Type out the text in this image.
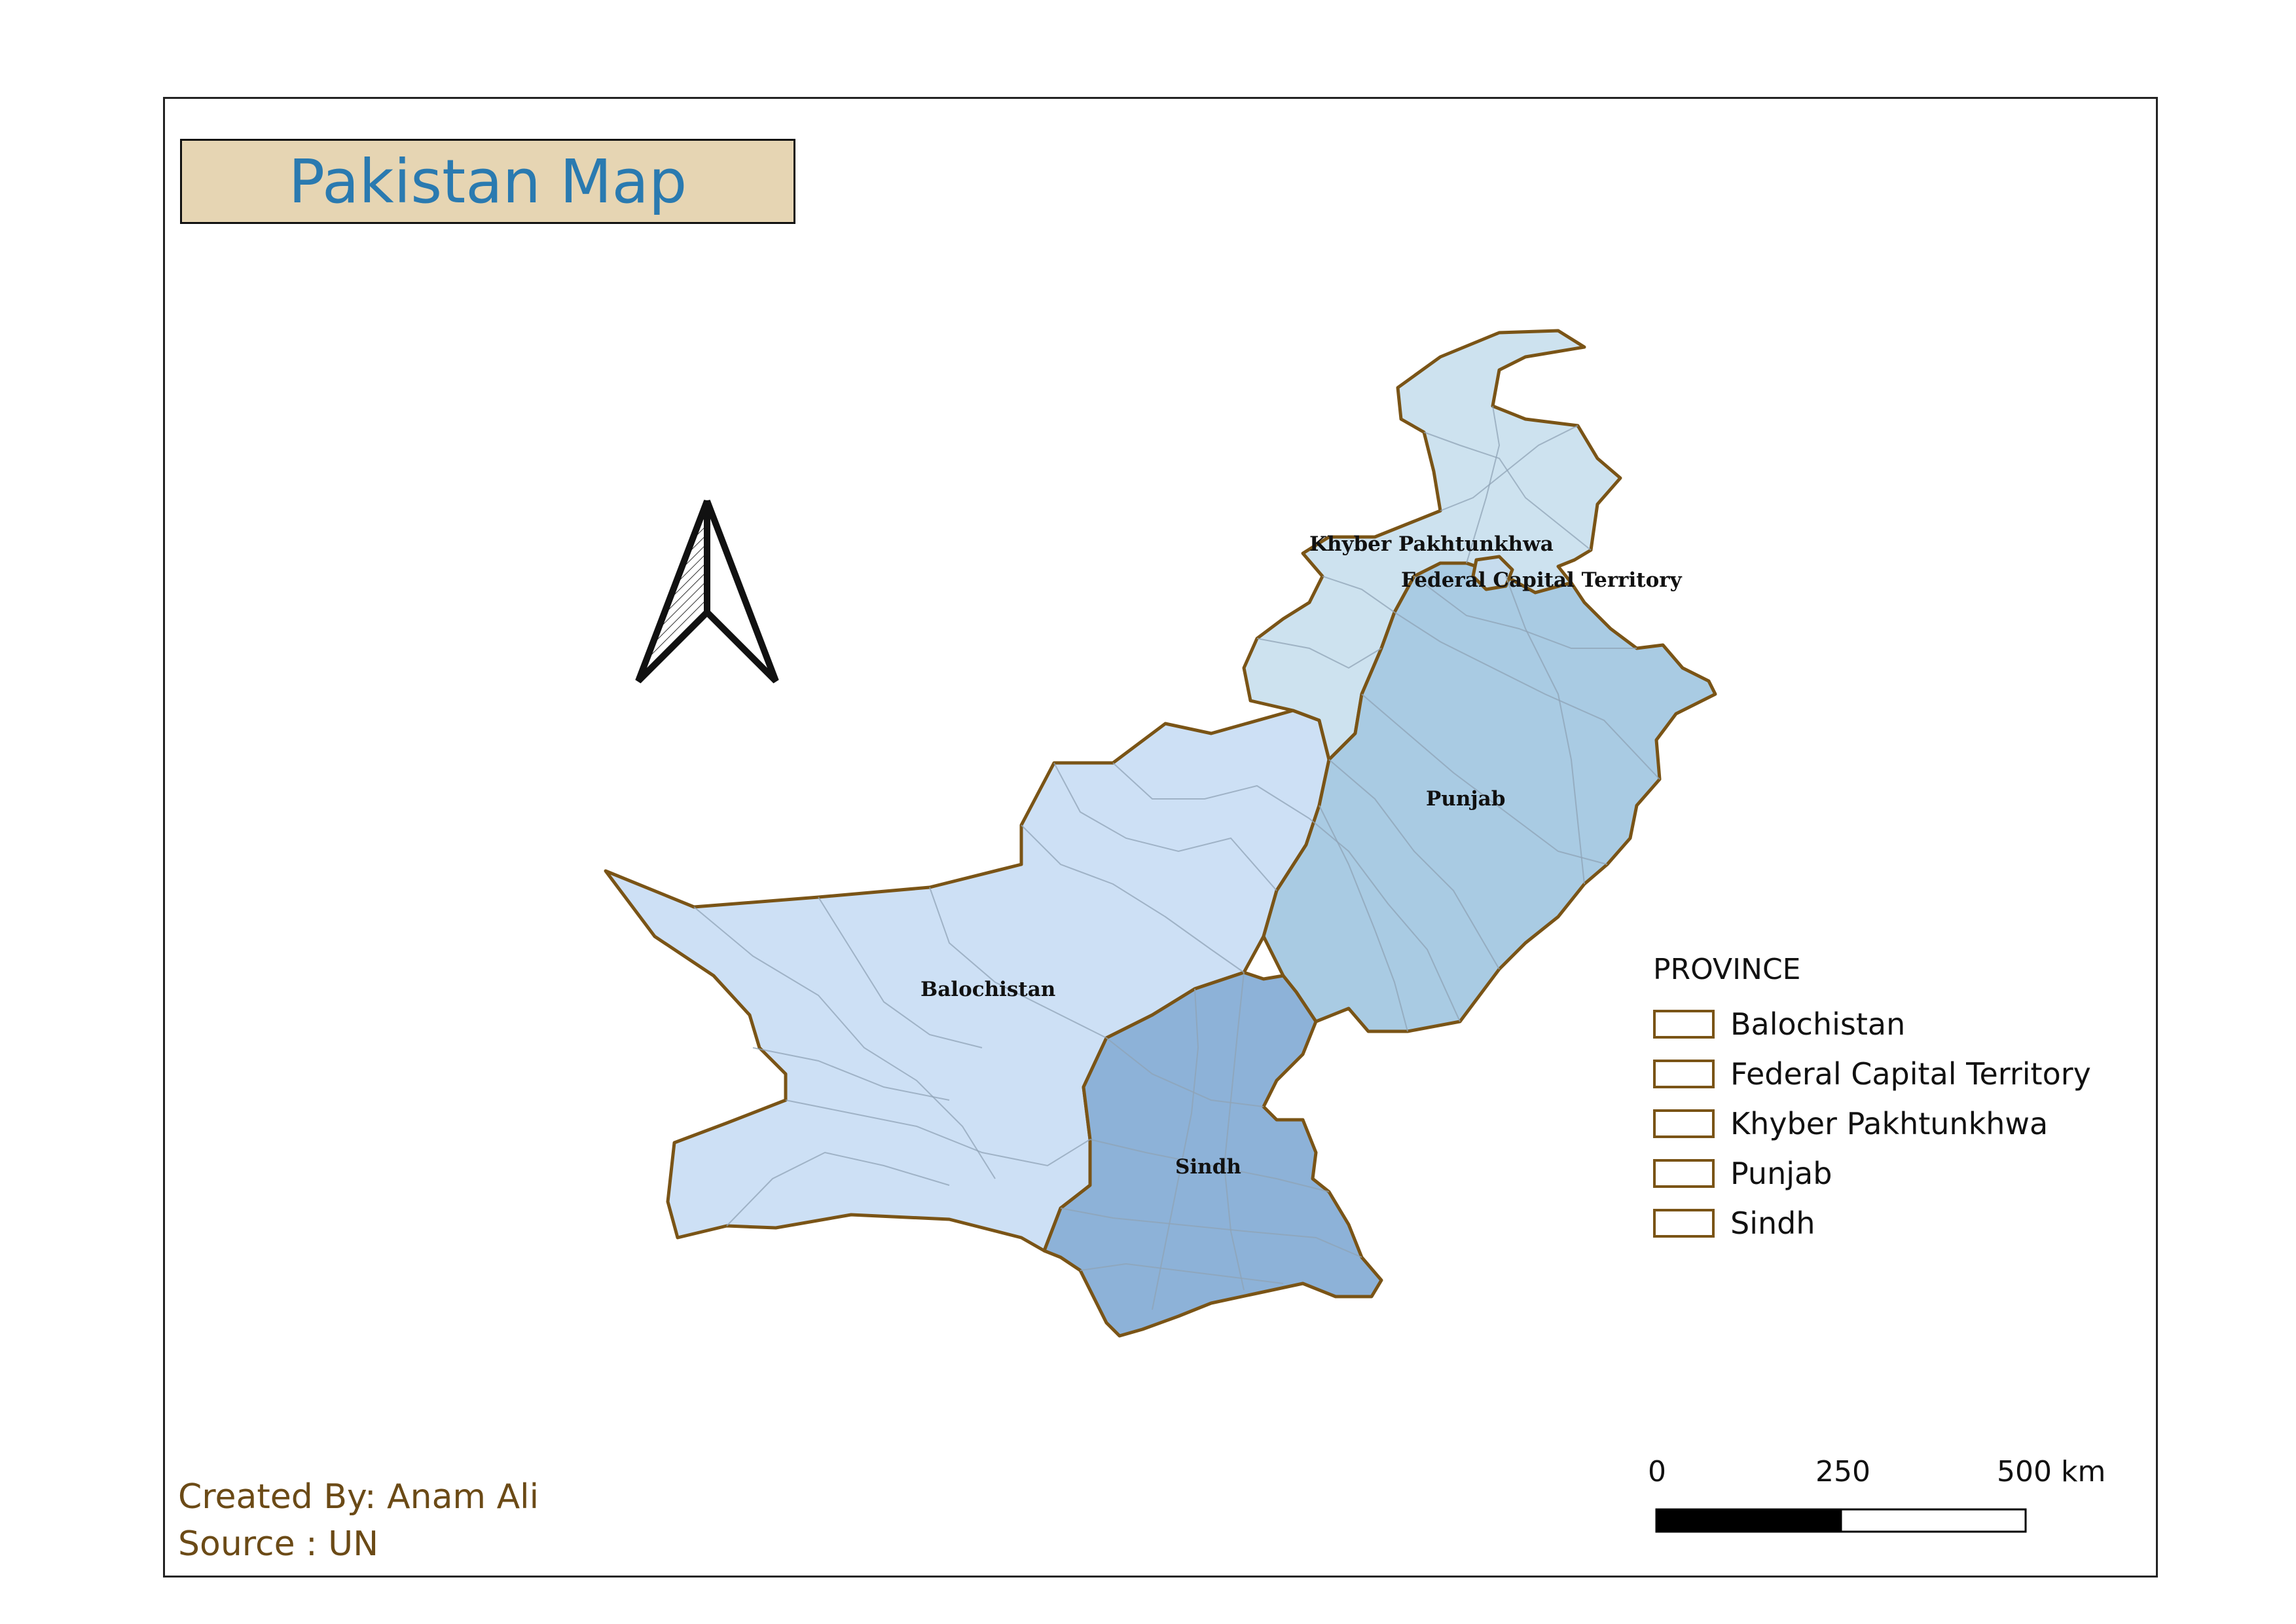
Pakistan Map
Khyber Pakhtunkhwa
Federal Capital Territory
Punjab
Balochistan
Sindh
0	250	500 km
PROVINCE
Balochistan
Federal Capital Territory
Khyber Pakhtunkhwa
Punjab
Sindh
Created By: Anam Ali
Source : UN
